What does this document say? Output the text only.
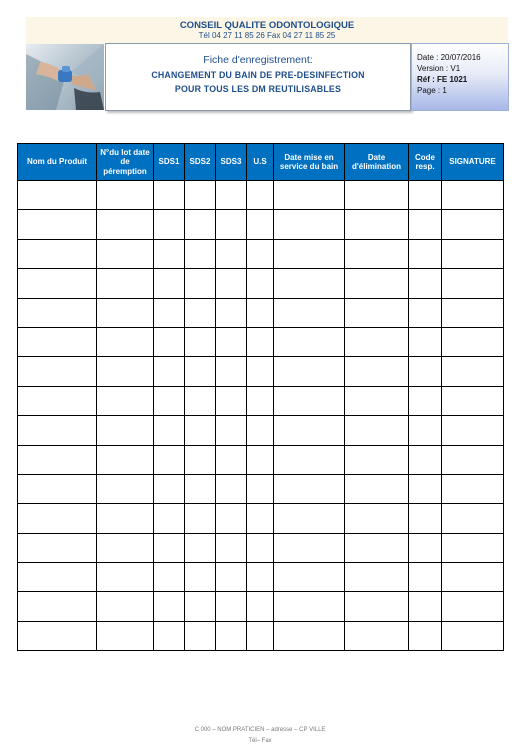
CONSEIL QUALITE ODONTOLOGIQUE
Tél 04 27 11 85 26 Fax 04 27 11 85 25
Fiche d'enregistrement:
CHANGEMENT DU BAIN DE PRE-DESINFECTION
POUR TOUS LES DM REUTILISABLES
Date : 20/07/2016
Version : V1
Réf : FE 1021
Page : 1
Nom du Produit	N°du lot date de péremption	SDS1	SDS2	SDS3	U.S	Date mise en service du bain	Date d'élimination	Code resp.	SIGNATURE

C 000 – NOM PRATICIEN – adresse – CP VILLE
Tél– Fax
